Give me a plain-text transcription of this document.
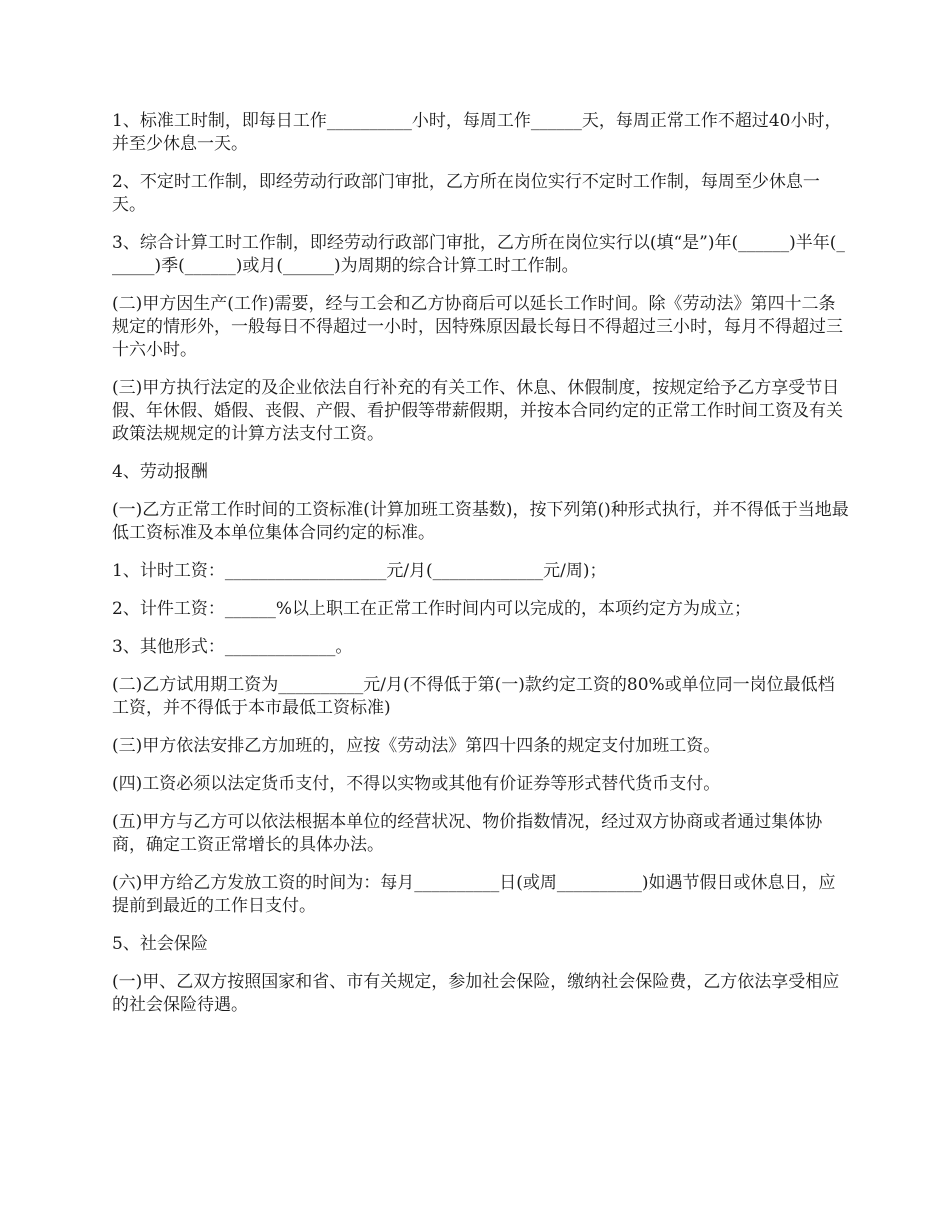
1、标准工时制，即每日工作__________小时，每周工作______天，每周正常工作不超过40小时，并至少休息一天。

2、不定时工作制，即经劳动行政部门审批，乙方所在岗位实行不定时工作制，每周至少休息一天。

3、综合计算工时工作制，即经劳动行政部门审批，乙方所在岗位实行以(填“是”)年(______)半年(______)季(______)或月(______)为周期的综合计算工时工作制。

(二)甲方因生产(工作)需要，经与工会和乙方协商后可以延长工作时间。除《劳动法》第四十二条规定的情形外，一般每日不得超过一小时，因特殊原因最长每日不得超过三小时，每月不得超过三十六小时。

(三)甲方执行法定的及企业依法自行补充的有关工作、休息、休假制度，按规定给予乙方享受节日假、年休假、婚假、丧假、产假、看护假等带薪假期，并按本合同约定的正常工作时间工资及有关政策法规规定的计算方法支付工资。

4、劳动报酬

(一)乙方正常工作时间的工资标准(计算加班工资基数)，按下列第()种形式执行，并不得低于当地最低工资标准及本单位集体合同约定的标准。

1、计时工资：___________________元/月(_____________元/周)；

2、计件工资：______%以上职工在正常工作时间内可以完成的，本项约定方为成立；

3、其他形式：_____________。

(二)乙方试用期工资为__________元/月(不得低于第(一)款约定工资的80%或单位同一岗位最低档工资，并不得低于本市最低工资标准)

(三)甲方依法安排乙方加班的，应按《劳动法》第四十四条的规定支付加班工资。

(四)工资必须以法定货币支付，不得以实物或其他有价证券等形式替代货币支付。

(五)甲方与乙方可以依法根据本单位的经营状况、物价指数情况，经过双方协商或者通过集体协商，确定工资正常增长的具体办法。

(六)甲方给乙方发放工资的时间为：每月__________日(或周__________)如遇节假日或休息日，应提前到最近的工作日支付。

5、社会保险

(一)甲、乙双方按照国家和省、市有关规定，参加社会保险，缴纳社会保险费，乙方依法享受相应的社会保险待遇。
